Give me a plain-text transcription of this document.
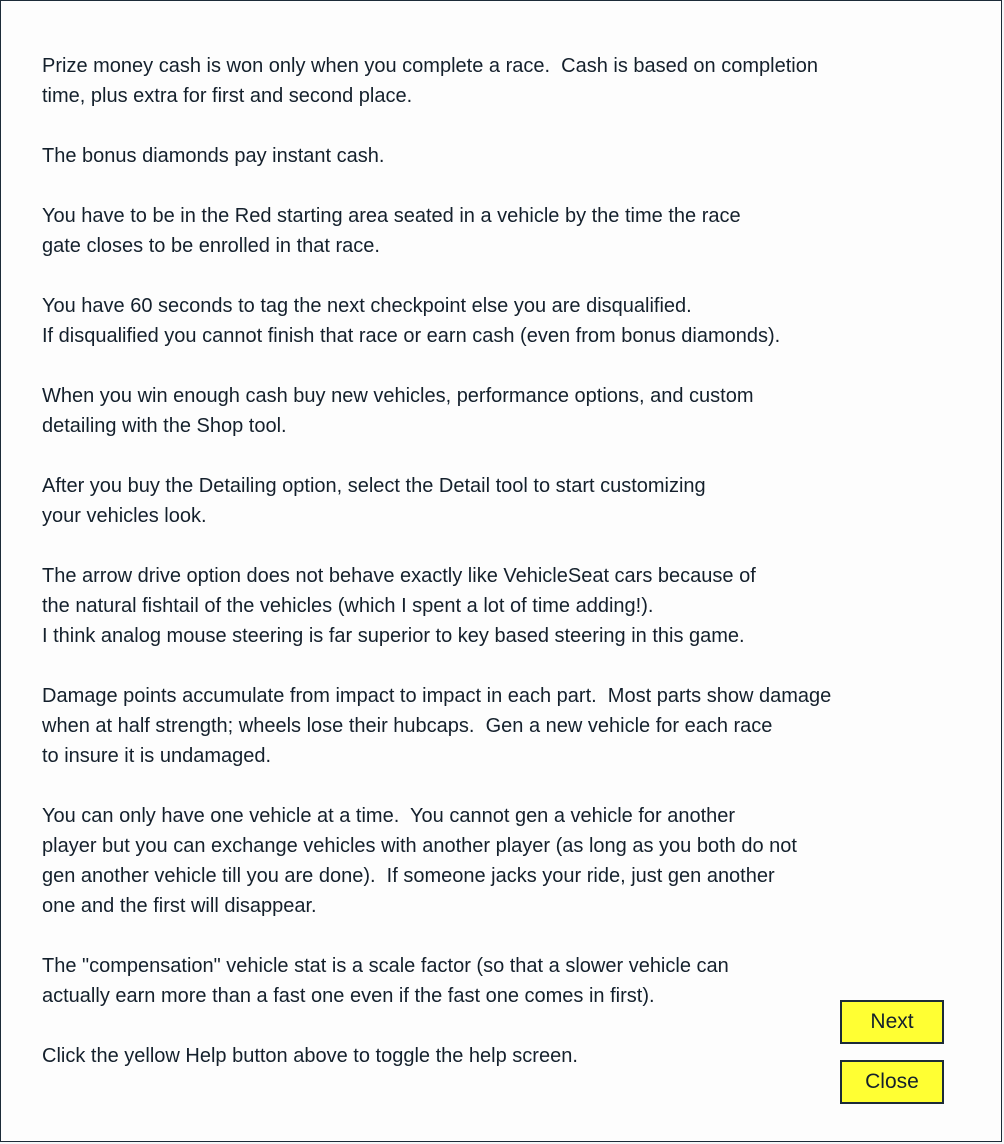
Prize money cash is won only when you complete a race.  Cash is based on completion
time, plus extra for first and second place.

The bonus diamonds pay instant cash.

You have to be in the Red starting area seated in a vehicle by the time the race
gate closes to be enrolled in that race.

You have 60 seconds to tag the next checkpoint else you are disqualified.
If disqualified you cannot finish that race or earn cash (even from bonus diamonds).

When you win enough cash buy new vehicles, performance options, and custom
detailing with the Shop tool.

After you buy the Detailing option, select the Detail tool to start customizing
your vehicles look.

The arrow drive option does not behave exactly like VehicleSeat cars because of
the natural fishtail of the vehicles (which I spent a lot of time adding!).
I think analog mouse steering is far superior to key based steering in this game.

Damage points accumulate from impact to impact in each part.  Most parts show damage
when at half strength; wheels lose their hubcaps.  Gen a new vehicle for each race
to insure it is undamaged.

You can only have one vehicle at a time.  You cannot gen a vehicle for another
player but you can exchange vehicles with another player (as long as you both do not
gen another vehicle till you are done).  If someone jacks your ride, just gen another
one and the first will disappear.

The "compensation" vehicle stat is a scale factor (so that a slower vehicle can
actually earn more than a fast one even if the fast one comes in first).

Click the yellow Help button above to toggle the help screen.

Next
Close
